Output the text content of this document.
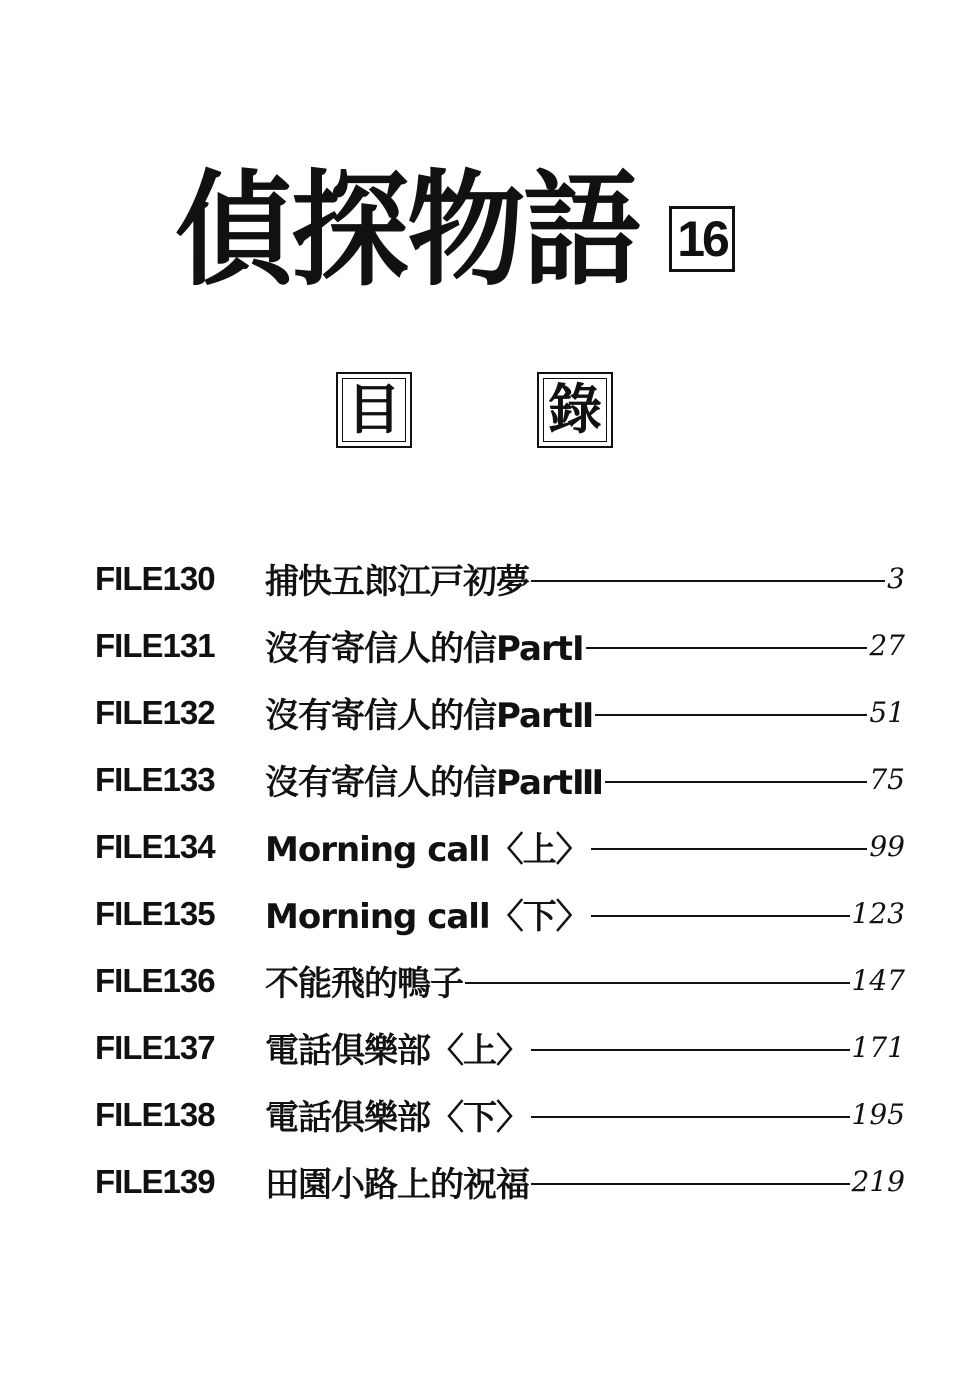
偵探物語 16
目	錄
FILE130	捕快五郎江戸初夢	3
FILE131	沒有寄信人的信PartⅠ	27
FILE132	沒有寄信人的信PartⅡ	51
FILE133	沒有寄信人的信PartⅢ	75
FILE134	Morning call〈上〉	99
FILE135	Morning call〈下〉	123
FILE136	不能飛的鴨子	147
FILE137	電話俱樂部〈上〉	171
FILE138	電話俱樂部〈下〉	195
FILE139	田園小路上的祝福	219
